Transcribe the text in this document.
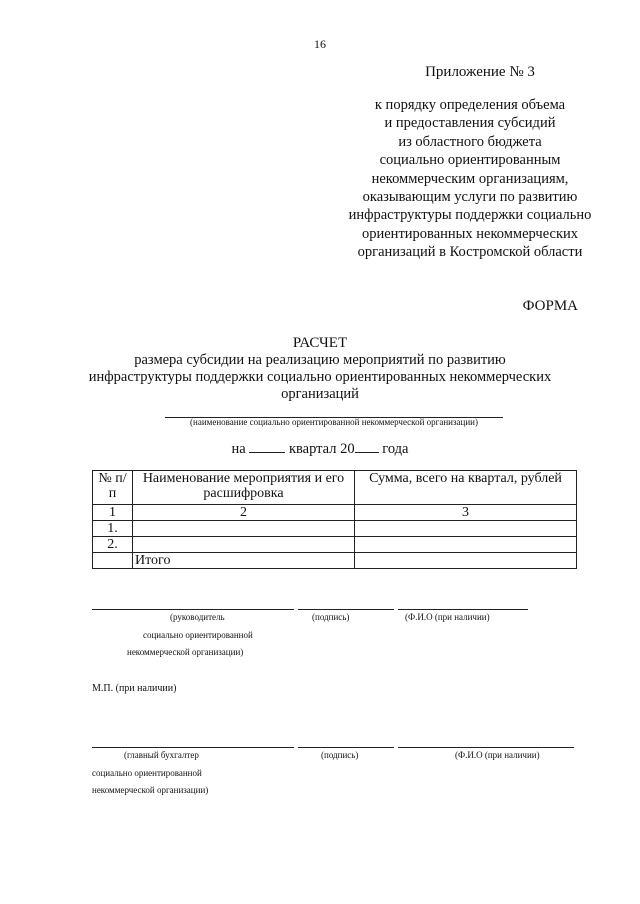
16
Приложение № 3
к порядку определения объема
и предоставления субсидий
из областного бюджета
социально ориентированным
некоммерческим организациям,
оказывающим услуги по развитию
инфраструктуры поддержки социально
ориентированных некоммерческих
организаций в Костромской области
ФОРМА
РАСЧЕТ
размера субсидии на реализацию мероприятий по развитию
инфраструктуры поддержки социально ориентированных некоммерческих
организаций
(наименование социально ориентированной некоммерческой организации)
на	квартал 20 года
№ п/п	Наименование мероприятия и его расшифровка	Сумма, всего на квартал, рублей
1	2	3
1.		
2.		
	Итого	
(руководитель	(подпись)	(Ф.И.О (при наличии)
социально ориентированной
некоммерческой организации)
М.П. (при наличии)
(главный бухгалтер	(подпись)	(Ф.И.О (при наличии)
социально ориентированной
некоммерческой организации)
